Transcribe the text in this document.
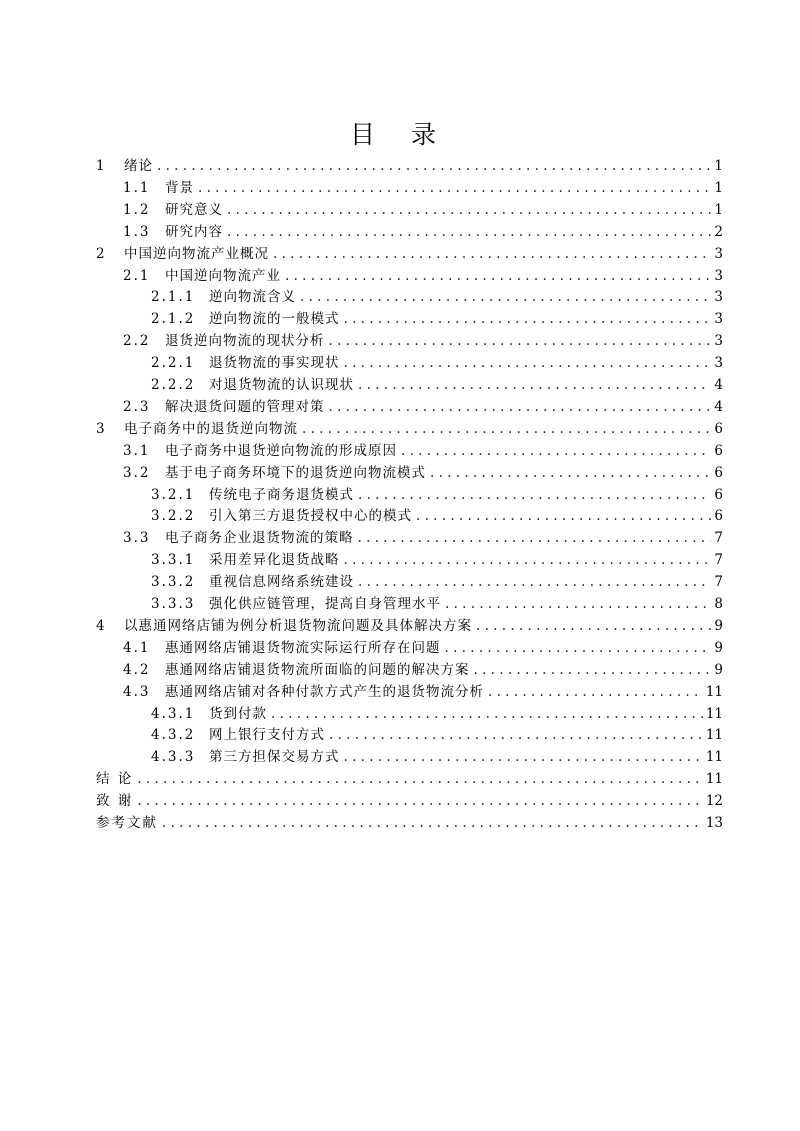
目 录
1	绪论 . . .	1
1.1	背景 . . .	1
1.2	研究意义 . . .	1
1.3	研究内容 . . .	2
2	中国逆向物流产业概况 . . .	3
2.1	中国逆向物流产业 . . .	3
2.1.1	逆向物流含义 . . .	3
2.1.2	逆向物流的一般模式 . . .	3
2.2	退货逆向物流的现状分析 . . .	3
2.2.1	退货物流的事实现状 . . .	3
2.2.2	对退货物流的认识现状 . . .	4
2.3	解决退货问题的管理对策 . . .	4
3	电子商务中的退货逆向物流 . . .	6
3.1	电子商务中退货逆向物流的形成原因 . . .	6
3.2	基于电子商务环境下的退货逆向物流模式 . . .	6
3.2.1	传统电子商务退货模式 . . .	6
3.2.2	引入第三方退货授权中心的模式 . . .	6
3.3	电子商务企业退货物流的策略 . . .	7
3.3.1	采用差异化退货战略 . . .	7
3.3.2	重视信息网络系统建设 . . .	7
3.3.3	强化供应链管理，提高自身管理水平 . . .	8
4	以惠通网络店铺为例分析退货物流问题及具体解决方案 . . .	9
4.1	惠通网络店铺退货物流实际运行所存在问题 . . .	9
4.2	惠通网络店铺退货物流所面临的问题的解决方案 . . .	9
4.3	惠通网络店铺对各种付款方式产生的退货物流分析 . . .	11
4.3.1	货到付款 . . .	11
4.3.2	网上银行支付方式 . . .	11
4.3.3	第三方担保交易方式 . . .	11
结 论 . . .	11
致 谢 . . .	12
参考文献 . . .	13
